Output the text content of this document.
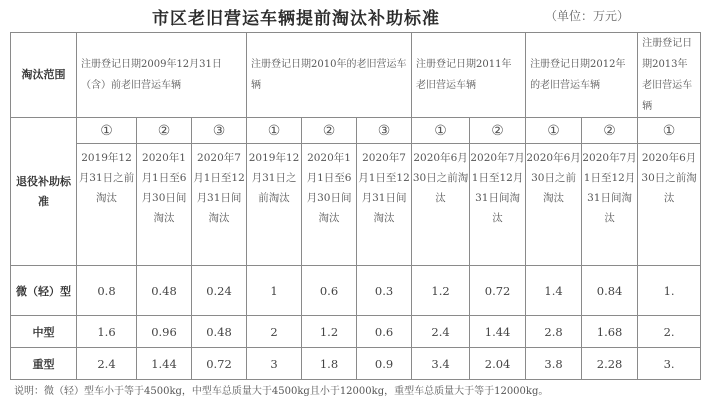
市区老旧营运车辆提前淘汰补助标准	（单位：万元）
淘汰范围	注册登记日期2009年12月31日（含）前老旧营运车辆			注册登记日期2010年的老旧营运车辆			注册登记日期2011年老旧营运车辆		注册登记日期2012年的老旧营运车辆		注册登记日期2013年老旧营运车辆
退役补助标准	①	②	③	①	②	③	①	②	①	②	①
	2019年12月31日之前淘汰	2020年1月1日至6月30日间淘汰	2020年7月1日至12月31日间淘汰	2019年12月31日之前淘汰	2020年1月1日至6月30日间淘汰	2020年7月1日至12月31日间淘汰	2020年6月30日之前淘汰	2020年7月1日至12月31日间淘汰	2020年6月30日之前淘汰	2020年7月1日至12月31日间淘汰	2020年6月30日之前淘汰
微（轻）型	0.8	0.48	0.24	1	0.6	0.3	1.2	0.72	1.4	0.84	1.
中型	1.6	0.96	0.48	2	1.2	0.6	2.4	1.44	2.8	1.68	2.
重型	2.4	1.44	0.72	3	1.8	0.9	3.4	2.04	3.8	2.28	3.
说明：微（轻）型车小于等于4500kg，中型车总质量大于4500kg且小于12000kg，重型车总质量大于等于12000kg。
